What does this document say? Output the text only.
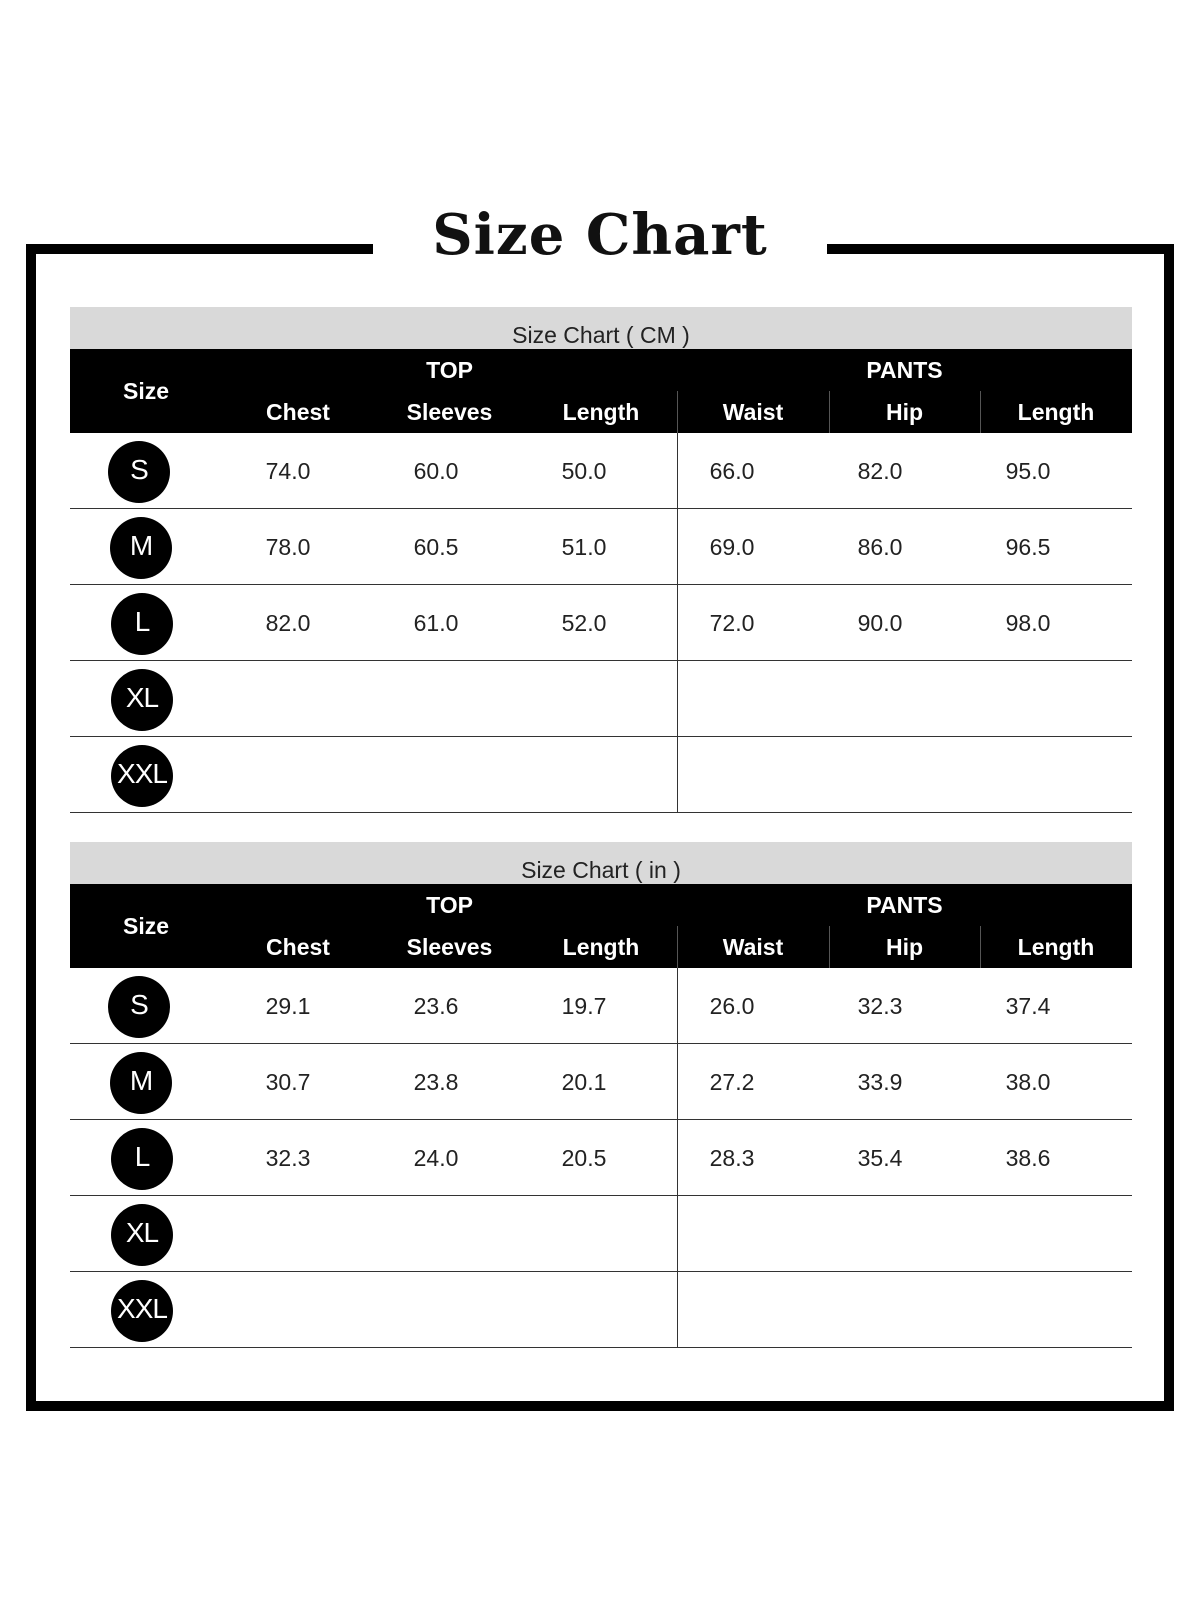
Size Chart
Size Chart ( CM )
Size
TOP	PANTS
Chest	Sleeves	Length	Waist	Hip	Length
S	74.0	60.0	50.0	66.0	82.0	95.0
M	78.0	60.5	51.0	69.0	86.0	96.5
L	82.0	61.0	52.0	72.0	90.0	98.0
XL
XXL
Size Chart ( in )
Size
TOP	PANTS
Chest	Sleeves	Length	Waist	Hip	Length
S	29.1	23.6	19.7	26.0	32.3	37.4
M	30.7	23.8	20.1	27.2	33.9	38.0
L	32.3	24.0	20.5	28.3	35.4	38.6
XL
XXL
